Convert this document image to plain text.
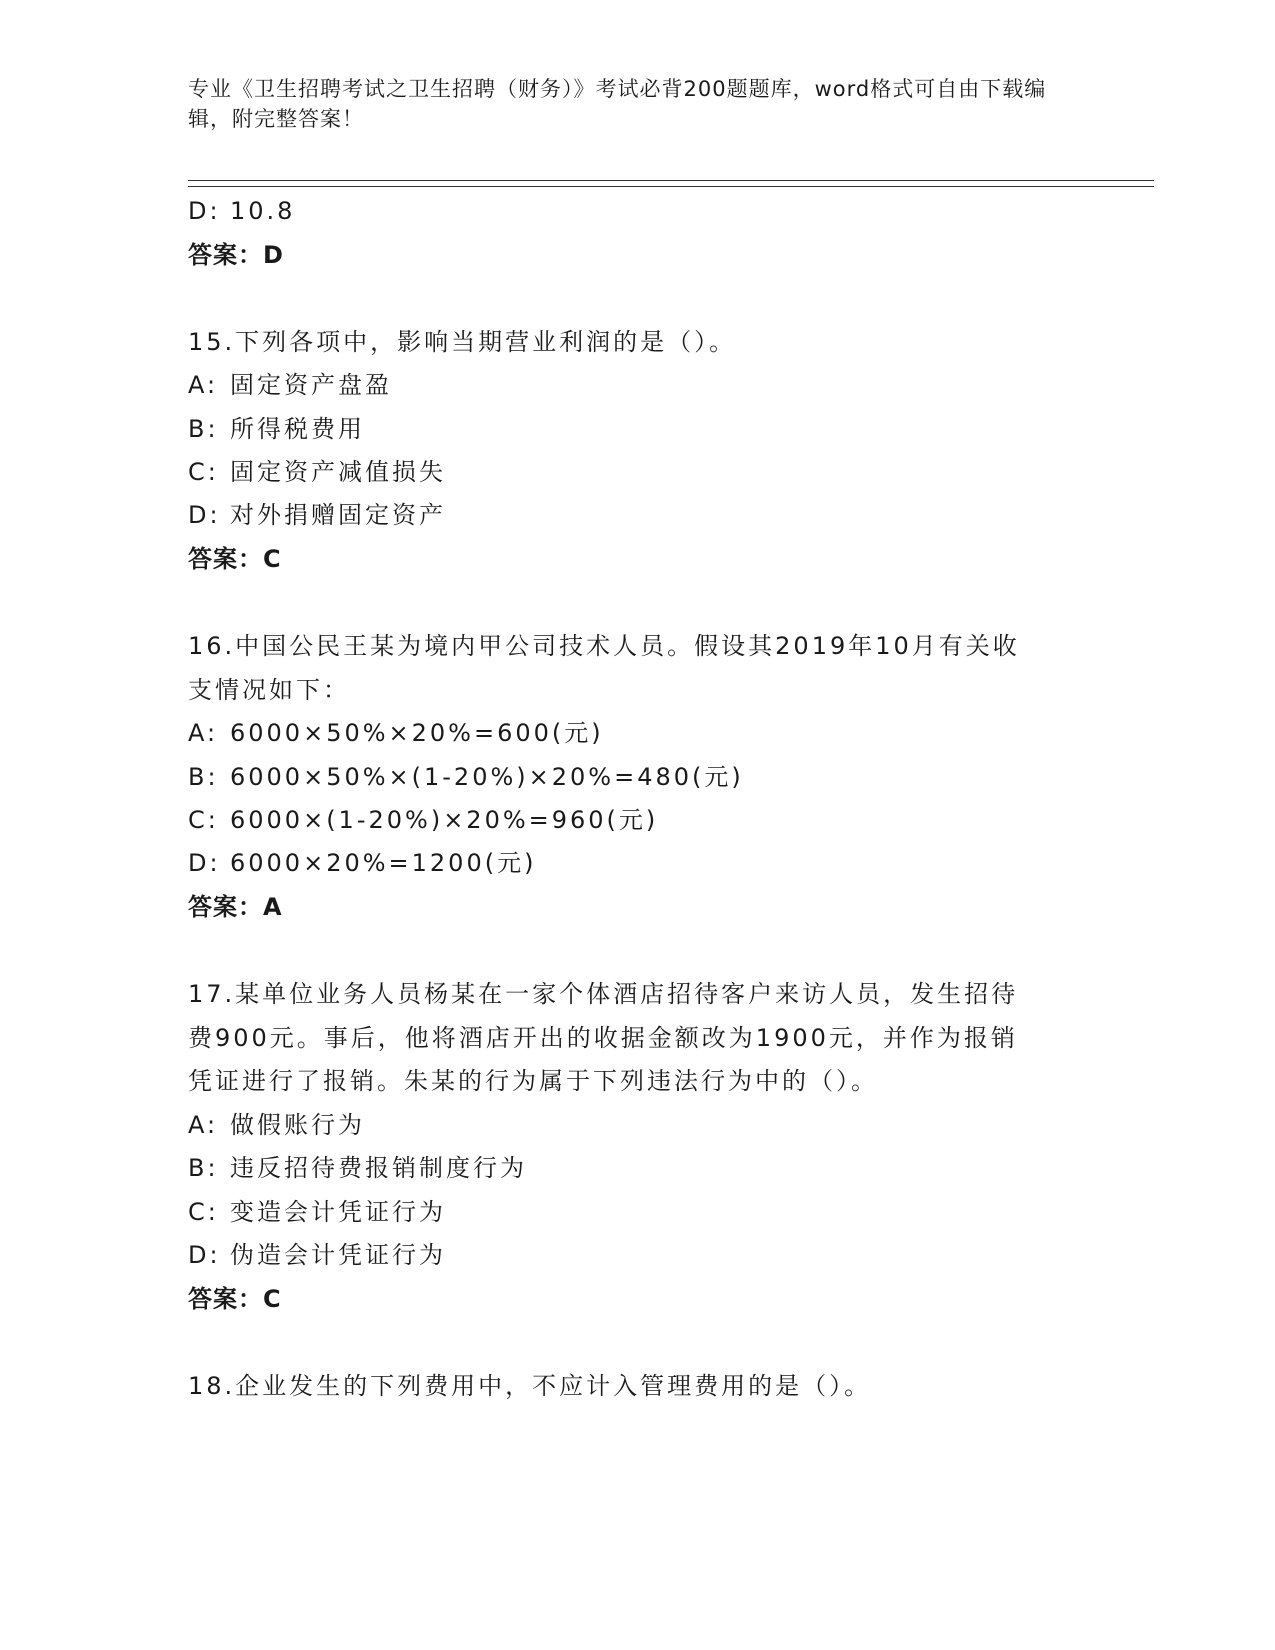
专业《卫生招聘考试之卫生招聘（财务）》考试必背200题题库，word格式可自由下载编辑，附完整答案！
D: 10.8
答案：D
15.下列各项中，影响当期营业利润的是（）。
A: 固定资产盘盈
B: 所得税费用
C: 固定资产减值损失
D: 对外捐赠固定资产
答案：C
16.中国公民王某为境内甲公司技术人员。假设其2019年10月有关收
支情况如下：
A: 6000×50%×20%=600(元)
B: 6000×50%×(1-20%)×20%=480(元)
C: 6000×(1-20%)×20%=960(元)
D: 6000×20%=1200(元)
答案：A
17.某单位业务人员杨某在一家个体酒店招待客户来访人员，发生招待
费900元。事后，他将酒店开出的收据金额改为1900元，并作为报销
凭证进行了报销。朱某的行为属于下列违法行为中的（）。
A: 做假账行为
B: 违反招待费报销制度行为
C: 变造会计凭证行为
D: 伪造会计凭证行为
答案：C
18.企业发生的下列费用中，不应计入管理费用的是（）。
